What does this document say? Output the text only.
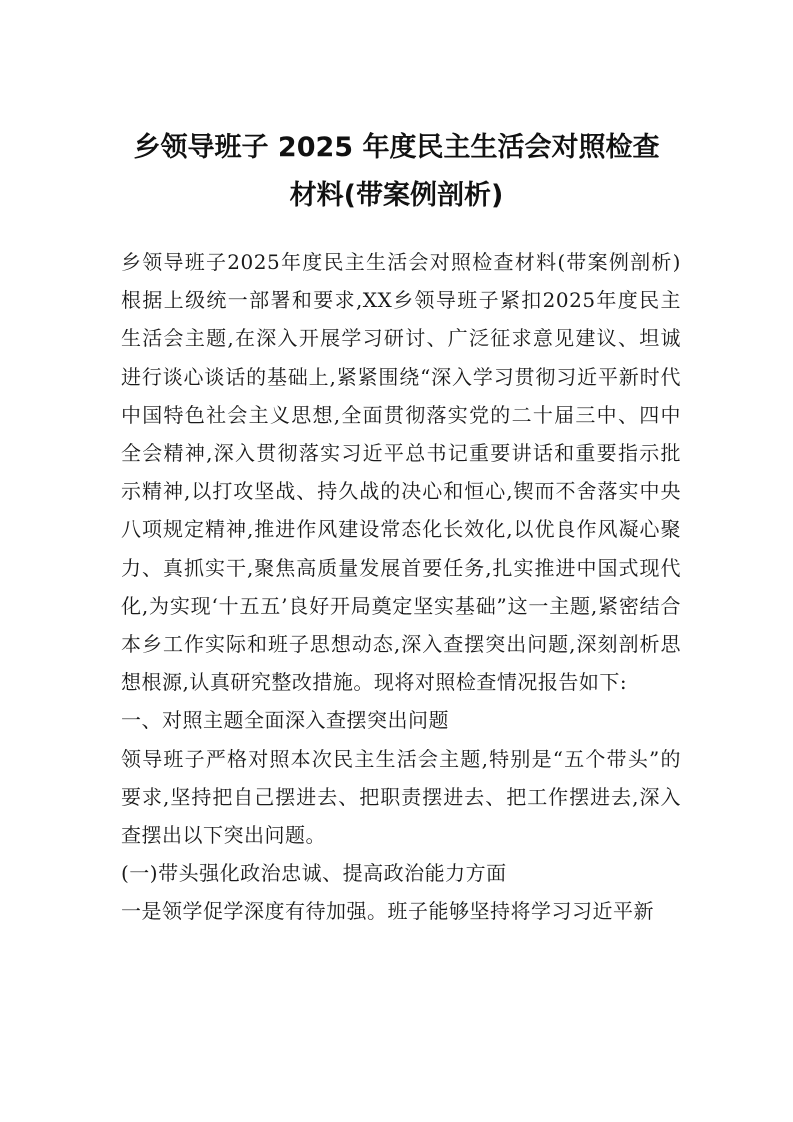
乡领导班子 2025 年度民主生活会对照检查
材料(带案例剖析)

乡领导班子2025年度民主生活会对照检查材料(带案例剖析)根据上级统一部署和要求,XX乡领导班子紧扣2025年度民主生活会主题,在深入开展学习研讨、广泛征求意见建议、坦诚进行谈心谈话的基础上,紧紧围绕“深入学习贯彻习近平新时代中国特色社会主义思想,全面贯彻落实党的二十届三中、四中全会精神,深入贯彻落实习近平总书记重要讲话和重要指示批示精神,以打攻坚战、持久战的决心和恒心,锲而不舍落实中央八项规定精神,推进作风建设常态化长效化,以优良作风凝心聚力、真抓实干,聚焦高质量发展首要任务,扎实推进中国式现代化,为实现‘十五五’良好开局奠定坚实基础”这一主题,紧密结合本乡工作实际和班子思想动态,深入查摆突出问题,深刻剖析思想根源,认真研究整改措施。现将对照检查情况报告如下:

一、对照主题全面深入查摆突出问题

领导班子严格对照本次民主生活会主题,特别是“五个带头”的要求,坚持把自己摆进去、把职责摆进去、把工作摆进去,深入查摆出以下突出问题。

(一)带头强化政治忠诚、提高政治能力方面

一是领学促学深度有待加强。班子能够坚持将学习习近平新
